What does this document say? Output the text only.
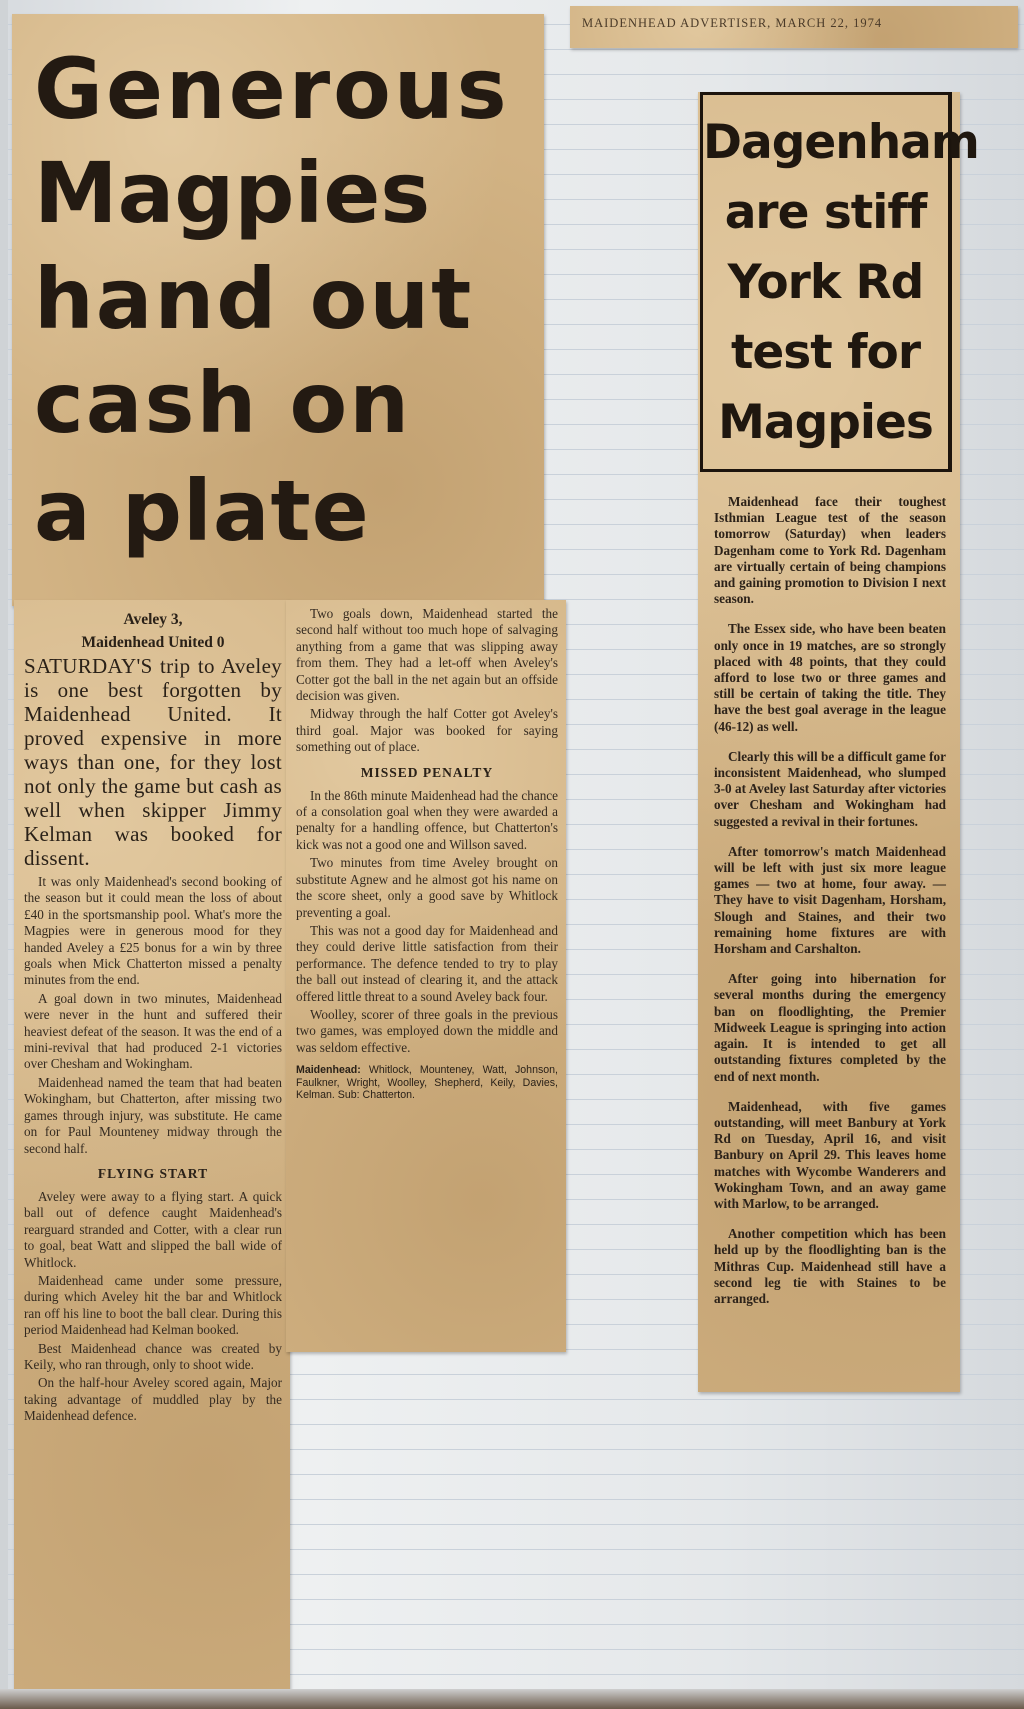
MAIDENHEAD ADVERTISER, MARCH 22, 1974
Generous
Magpies
hand out
cash on
a plate
Aveley 3,
Maidenhead United 0

SATURDAY'S trip to Aveley is one best forgotten by Maidenhead United. It proved expensive in more ways than one, for they lost not only the game but cash as well when skipper Jimmy Kelman was booked for dissent.

It was only Maidenhead's second booking of the season but it could mean the loss of about £40 in the sportsmanship pool. What's more the Magpies were in generous mood for they handed Aveley a £25 bonus for a win by three goals when Mick Chatterton missed a penalty minutes from the end.

A goal down in two minutes, Maidenhead were never in the hunt and suffered their heaviest defeat of the season. It was the end of a mini-revival that had produced 2-1 victories over Chesham and Wokingham.

Maidenhead named the team that had beaten Wokingham, but Chatterton, after missing two games through injury, was substitute. He came on for Paul Mounteney midway through the second half.

FLYING START

Aveley were away to a flying start. A quick ball out of defence caught Maidenhead's rearguard stranded and Cotter, with a clear run to goal, beat Watt and slipped the ball wide of Whitlock.

Maidenhead came under some pressure, during which Aveley hit the bar and Whitlock ran off his line to boot the ball clear. During this period Maidenhead had Kelman booked.

Best Maidenhead chance was created by Keily, who ran through, only to shoot wide.

On the half-hour Aveley scored again, Major taking advantage of muddled play by the Maidenhead defence.

Two goals down, Maidenhead started the second half without too much hope of salvaging anything from a game that was slipping away from them. They had a let-off when Aveley's Cotter got the ball in the net again but an offside decision was given.

Midway through the half Cotter got Aveley's third goal. Major was booked for saying something out of place.

MISSED PENALTY

In the 86th minute Maidenhead had the chance of a consolation goal when they were awarded a penalty for a handling offence, but Chatterton's kick was not a good one and Willson saved.

Two minutes from time Aveley brought on substitute Agnew and he almost got his name on the score sheet, only a good save by Whitlock preventing a goal.

This was not a good day for Maidenhead and they could derive little satisfaction from their performance. The defence tended to try to play the ball out instead of clearing it, and the attack offered little threat to a sound Aveley back four.

Woolley, scorer of three goals in the previous two games, was employed down the middle and was seldom effective.

Maidenhead: Whitlock, Mounteney, Watt, Johnson, Faulkner, Wright, Woolley, Shepherd, Keily, Davies, Kelman. Sub: Chatterton.

Dagenham
are stiff
York Rd
test for
Magpies

Maidenhead face their toughest Isthmian League test of the season tomorrow (Saturday) when leaders Dagenham come to York Rd. Dagenham are virtually certain of being champions and gaining promotion to Division I next season.

The Essex side, who have been beaten only once in 19 matches, are so strongly placed with 48 points, that they could afford to lose two or three games and still be certain of taking the title. They have the best goal average in the league (46-12) as well.

Clearly this will be a difficult game for inconsistent Maidenhead, who slumped 3-0 at Aveley last Saturday after victories over Chesham and Wokingham had suggested a revival in their fortunes.

After tomorrow's match Maidenhead will be left with just six more league games — two at home, four away. — They have to visit Dagenham, Horsham, Slough and Staines, and their two remaining home fixtures are with Horsham and Carshalton.

After going into hibernation for several months during the emergency ban on floodlighting, the Premier Midweek League is springing into action again. It is intended to get all outstanding fixtures completed by the end of next month.

Maidenhead, with five games outstanding, will meet Banbury at York Rd on Tuesday, April 16, and visit Banbury on April 29. This leaves home matches with Wycombe Wanderers and Wokingham Town, and an away game with Marlow, to be arranged.

Another competition which has been held up by the floodlighting ban is the Mithras Cup. Maidenhead still have a second leg tie with Staines to be arranged.
